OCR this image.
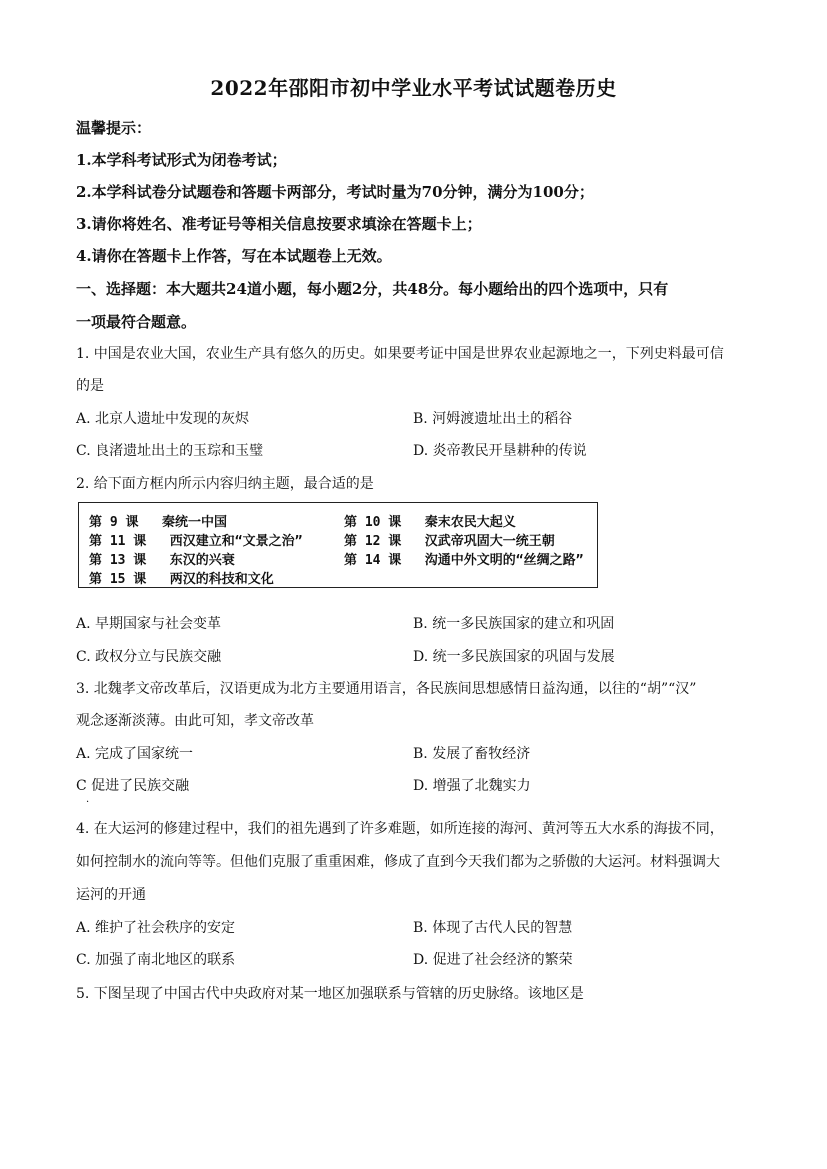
2022年邵阳市初中学业水平考试试题卷历史
温馨提示：
1.本学科考试形式为闭卷考试；
2.本学科试卷分试题卷和答题卡两部分，考试时量为70分钟，满分为100分；
3.请你将姓名、准考证号等相关信息按要求填涂在答题卡上；
4.请你在答题卡上作答，写在本试题卷上无效。
一、选择题：本大题共24道小题，每小题2分，共48分。每小题给出的四个选项中，只有
一项最符合题意。
1. 中国是农业大国，农业生产具有悠久的历史。如果要考证中国是世界农业起源地之一，下列史料最可信
的是
A. 北京人遗址中发现的灰烬	B. 河姆渡遗址出土的稻谷
C. 良渚遗址出土的玉琮和玉璧	D. 炎帝教民开垦耕种的传说
2. 给下面方框内所示内容归纳主题，最合适的是
第 9 课 秦统一中国	第 10 课 秦末农民大起义
第 11 课 西汉建立和“文景之治”	第 12 课 汉武帝巩固大一统王朝
第 13 课 东汉的兴衰	第 14 课 沟通中外文明的“丝绸之路”
第 15 课 两汉的科技和文化
A. 早期国家与社会变革	B. 统一多民族国家的建立和巩固
C. 政权分立与民族交融	D. 统一多民族国家的巩固与发展
3. 北魏孝文帝改革后，汉语更成为北方主要通用语言，各民族间思想感情日益沟通，以往的“胡”“汉”
观念逐渐淡薄。由此可知，孝文帝改革
A. 完成了国家统一	B. 发展了畜牧经济
C 促进了民族交融	D. 增强了北魏实力
·
4. 在大运河的修建过程中，我们的祖先遇到了许多难题，如所连接的海河、黄河等五大水系的海拔不同，
如何控制水的流向等等。但他们克服了重重困难，修成了直到今天我们都为之骄傲的大运河。材料强调大
运河的开通
A. 维护了社会秩序的安定	B. 体现了古代人民的智慧
C. 加强了南北地区的联系	D. 促进了社会经济的繁荣
5. 下图呈现了中国古代中央政府对某一地区加强联系与管辖的历史脉络。该地区是
